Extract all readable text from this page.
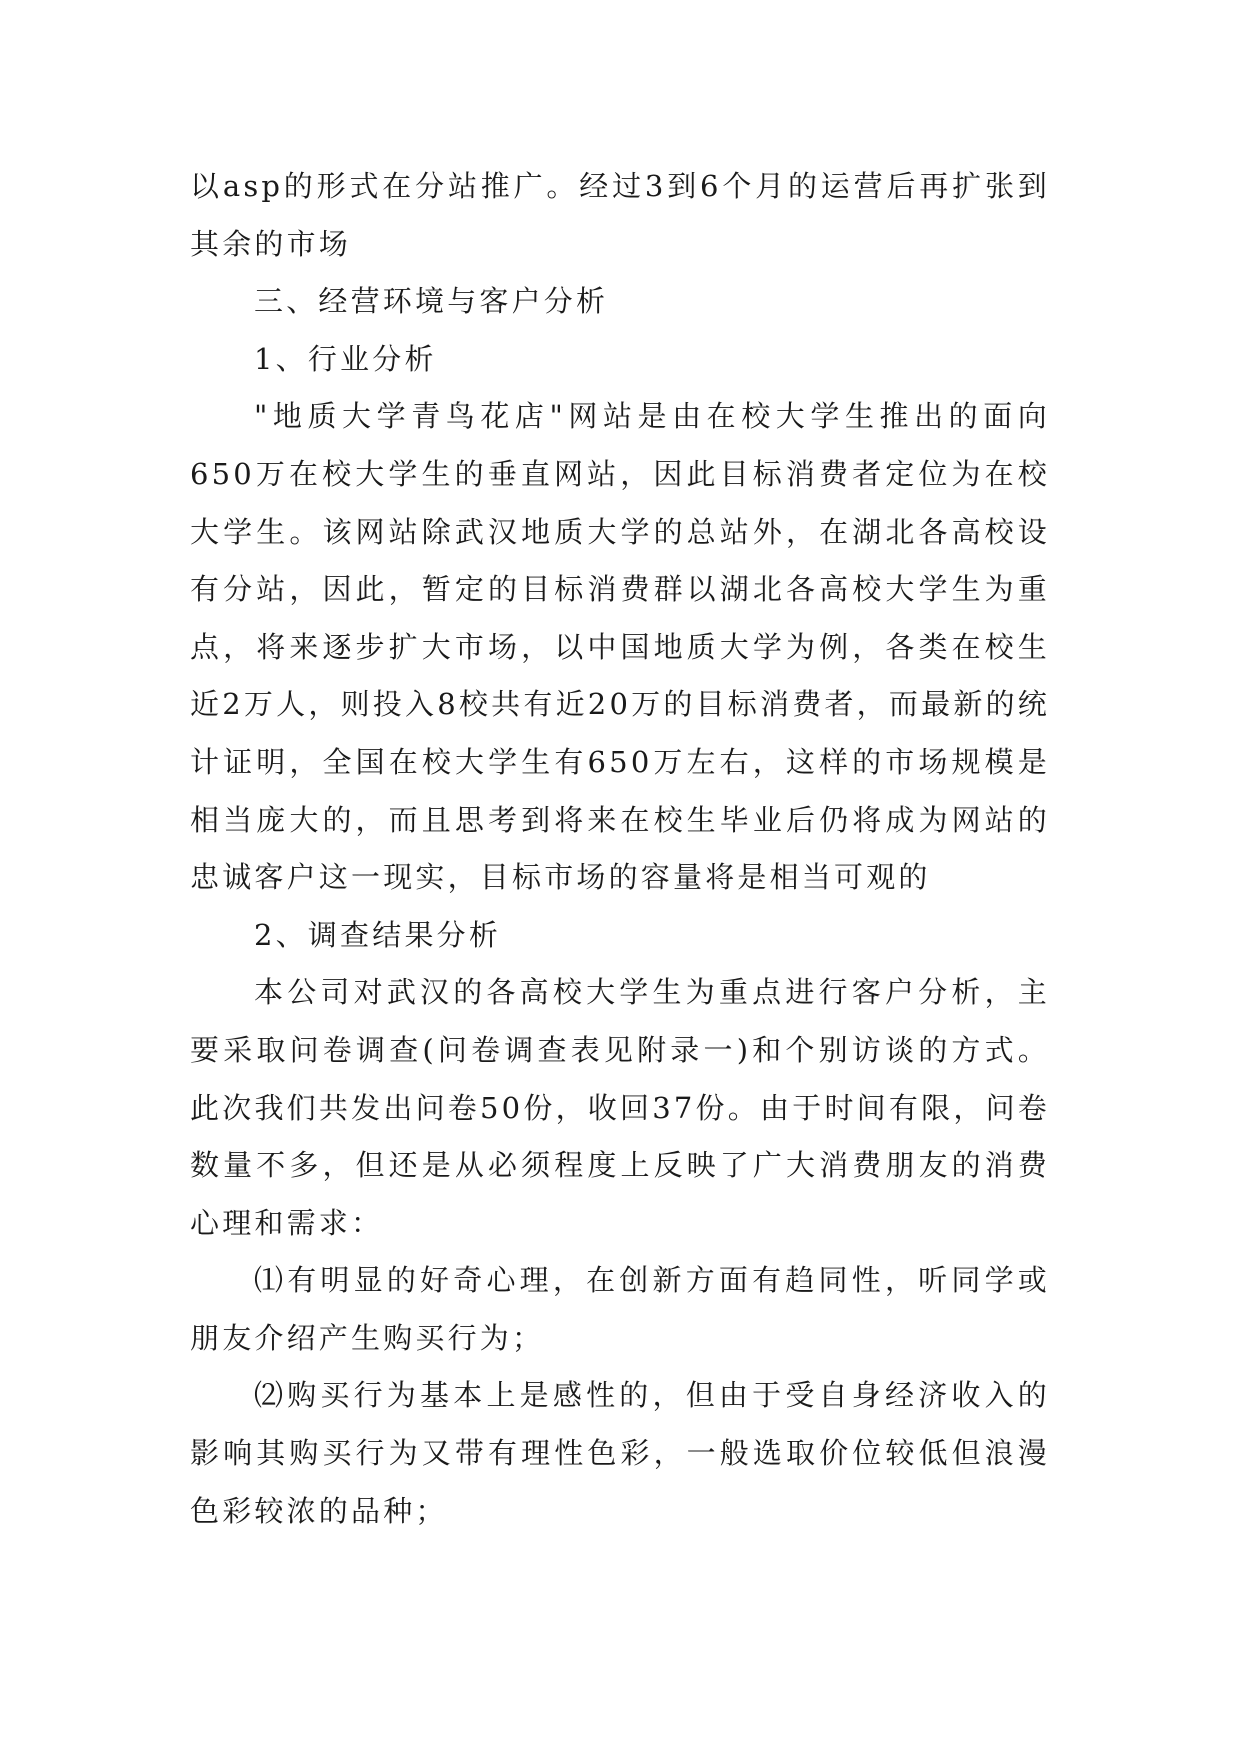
以asp的形式在分站推广。经过3到6个月的运营后再扩张到其余的市场

三、经营环境与客户分析

1、行业分析

"地质大学青鸟花店"网站是由在校大学生推出的面向650万在校大学生的垂直网站，因此目标消费者定位为在校大学生。该网站除武汉地质大学的总站外，在湖北各高校设有分站，因此，暂定的目标消费群以湖北各高校大学生为重点，将来逐步扩大市场，以中国地质大学为例，各类在校生近2万人，则投入8校共有近20万的目标消费者，而最新的统计证明，全国在校大学生有650万左右，这样的市场规模是相当庞大的，而且思考到将来在校生毕业后仍将成为网站的忠诚客户这一现实，目标市场的容量将是相当可观的

2、调查结果分析

本公司对武汉的各高校大学生为重点进行客户分析，主要采取问卷调查(问卷调查表见附录一)和个别访谈的方式。此次我们共发出问卷50份，收回37份。由于时间有限，问卷数量不多，但还是从必须程度上反映了广大消费朋友的消费心理和需求：

⑴有明显的好奇心理，在创新方面有趋同性，听同学或朋友介绍产生购买行为；

⑵购买行为基本上是感性的，但由于受自身经济收入的影响其购买行为又带有理性色彩，一般选取价位较低但浪漫色彩较浓的品种；
